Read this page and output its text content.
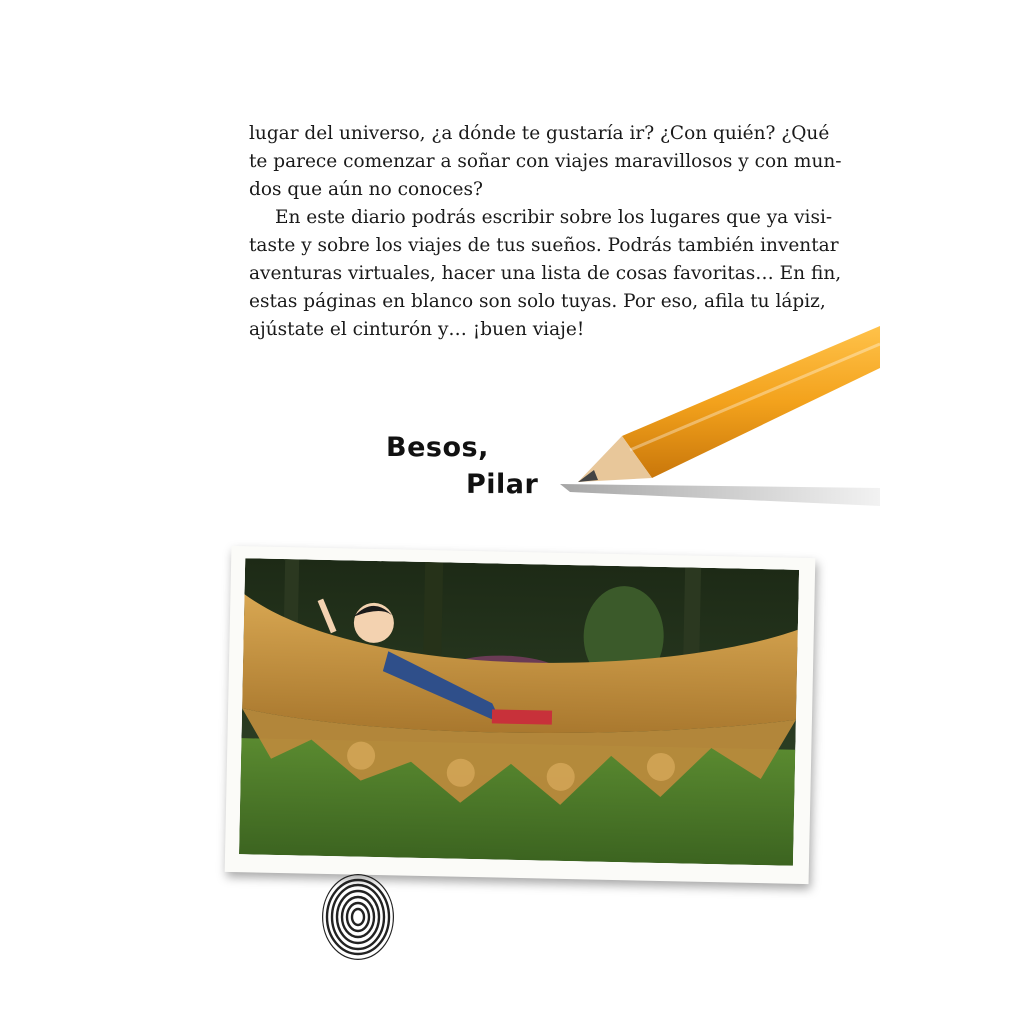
lugar del universo, ¿a dónde te gustaría ir? ¿Con quién? ¿Qué
te parece comenzar a soñar con viajes maravillosos y con mun-
dos que aún no conoces?

En este diario podrás escribir sobre los lugares que ya visi-
taste y sobre los viajes de tus sueños. Podrás también inventar
aventuras virtuales, hacer una lista de cosas favoritas… En fin,
estas páginas en blanco son solo tuyas. Por eso, afila tu lápiz,
ajústate el cinturón y… ¡buen viaje!

Besos,
Pilar
